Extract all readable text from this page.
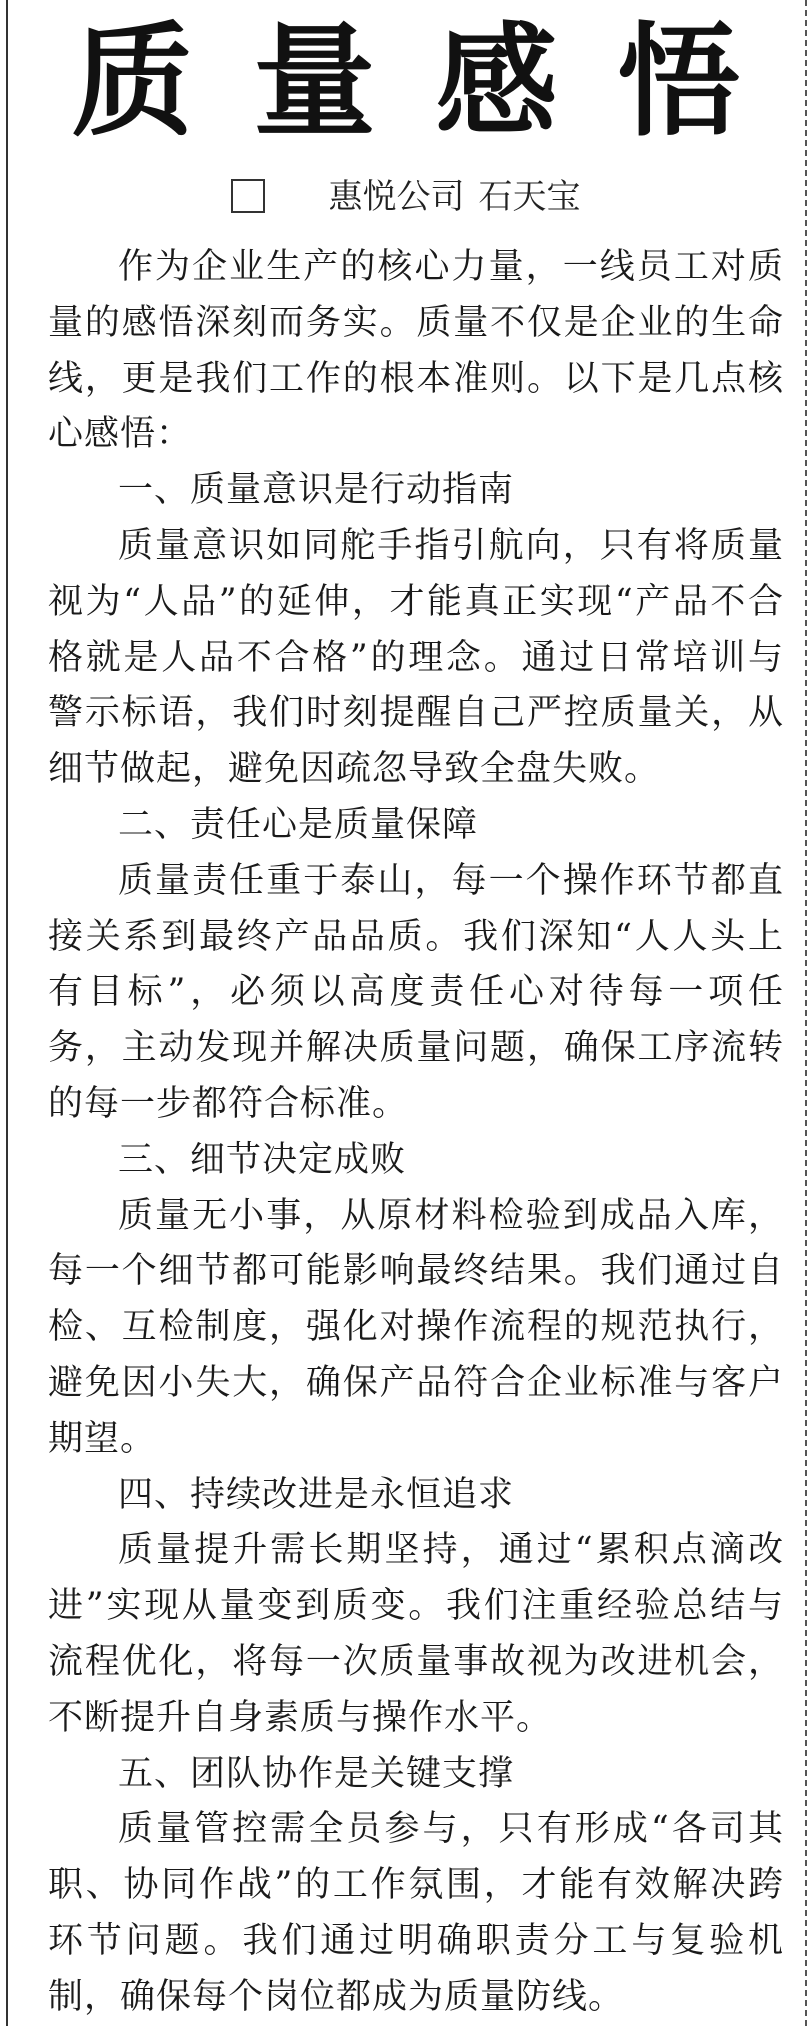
质量感悟
惠悦公司 石天宝

作为企业生产的核心力量，一线员工对质量的感悟深刻而务实。质量不仅是企业的生命线，更是我们工作的根本准则。以下是几点核心感悟：

一、质量意识是行动指南

质量意识如同舵手指引航向，只有将质量视为“人品”的延伸，才能真正实现“产品不合格就是人品不合格”的理念。通过日常培训与警示标语，我们时刻提醒自己严控质量关，从细节做起，避免因疏忽导致全盘失败。

二、责任心是质量保障

质量责任重于泰山，每一个操作环节都直接关系到最终产品品质。我们深知“人人头上有目标”，必须以高度责任心对待每一项任务，主动发现并解决质量问题，确保工序流转的每一步都符合标准。

三、细节决定成败

质量无小事，从原材料检验到成品入库，每一个细节都可能影响最终结果。我们通过自检、互检制度，强化对操作流程的规范执行，避免因小失大，确保产品符合企业标准与客户期望。

四、持续改进是永恒追求

质量提升需长期坚持，通过“累积点滴改进”实现从量变到质变。我们注重经验总结与流程优化，将每一次质量事故视为改进机会，不断提升自身素质与操作水平。

五、团队协作是关键支撑

质量管控需全员参与，只有形成“各司其职、协同作战”的工作氛围，才能有效解决跨环节问题。我们通过明确职责分工与复验机制，确保每个岗位都成为质量防线。
